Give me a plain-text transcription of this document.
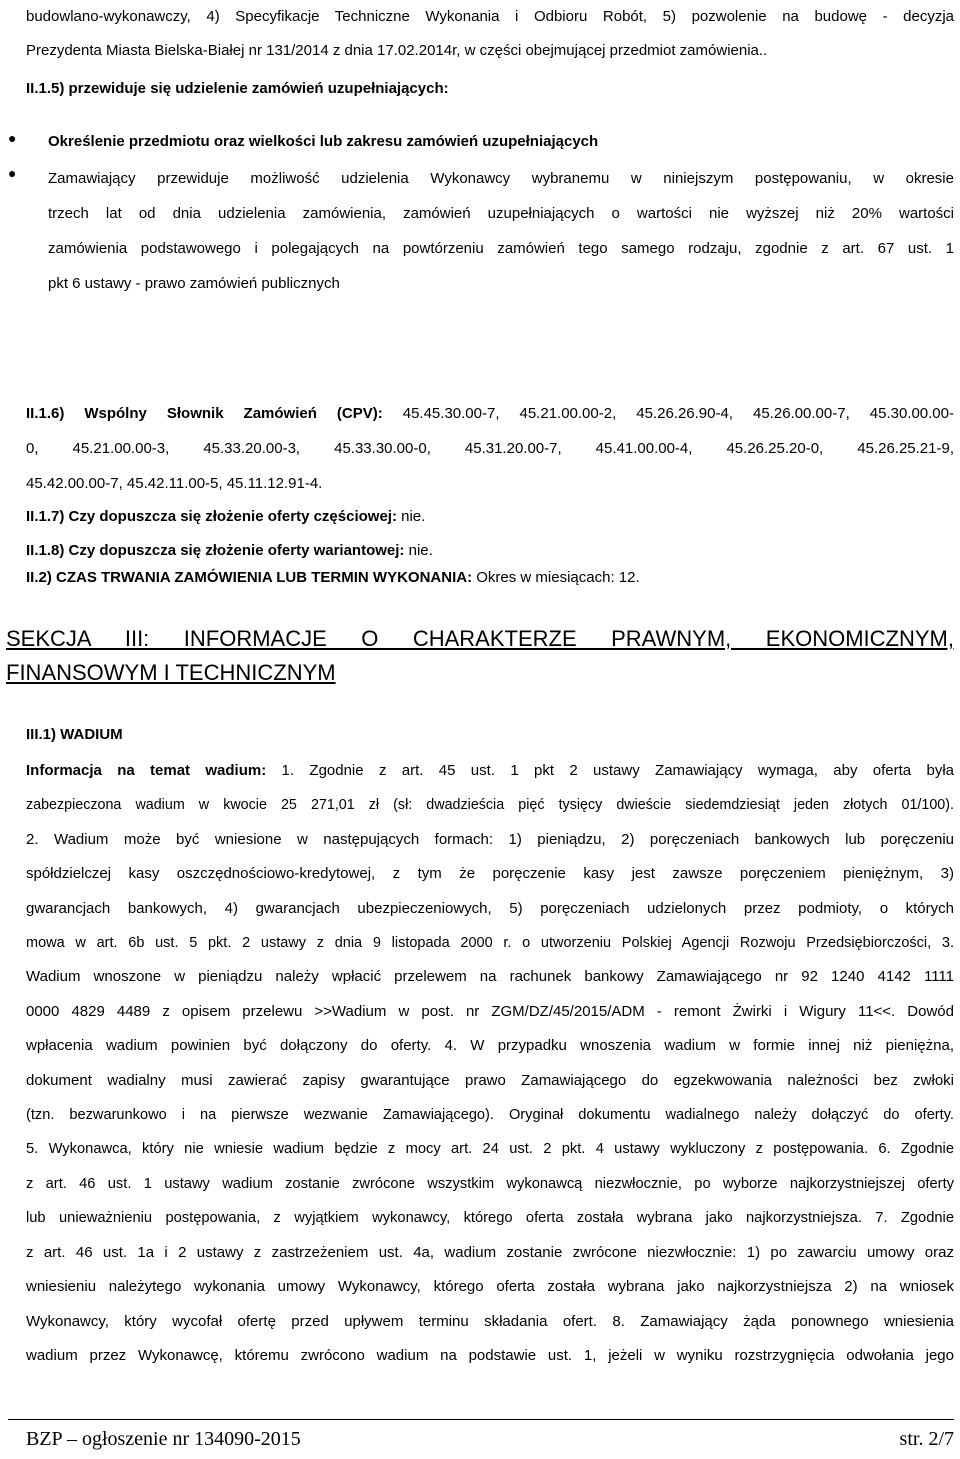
budowlano-wykonawczy, 4) Specyfikacje Techniczne Wykonania i Odbioru Robót, 5) pozwolenie na budowę - decyzja

Prezydenta Miasta Bielska-Białej nr 131/2014 z dnia 17.02.2014r, w części obejmującej przedmiot zamówienia..

II.1.5) przewiduje się udzielenie zamówień uzupełniających:
● Określenie przedmiotu oraz wielkości lub zakresu zamówień uzupełniających
● Zamawiający przewiduje możliwość udzielenia Wykonawcy wybranemu w niniejszym postępowaniu, w okresie

trzech lat od dnia udzielenia zamówienia, zamówień uzupełniających o wartości nie wyższej niż 20% wartości

zamówienia podstawowego i polegających na powtórzeniu zamówień tego samego rodzaju, zgodnie z art. 67 ust. 1

pkt 6 ustawy - prawo zamówień publicznych

II.1.6) Wspólny Słownik Zamówień (CPV): 45.45.30.00-7, 45.21.00.00-2, 45.26.26.90-4, 45.26.00.00-7, 45.30.00.00-

0, 45.21.00.00-3, 45.33.20.00-3, 45.33.30.00-0, 45.31.20.00-7, 45.41.00.00-4, 45.26.25.20-0, 45.26.25.21-9,

45.42.00.00-7, 45.42.11.00-5, 45.11.12.91-4.

II.1.7) Czy dopuszcza się złożenie oferty częściowej: nie.
II.1.8) Czy dopuszcza się złożenie oferty wariantowej: nie.
II.2) CZAS TRWANIA ZAMÓWIENIA LUB TERMIN WYKONANIA: Okres w miesiącach: 12.

SEKCJA III: INFORMACJE O CHARAKTERZE PRAWNYM, EKONOMICZNYM,

FINANSOWYM I TECHNICZNYM

III.1) WADIUM

Informacja na temat wadium: 1. Zgodnie z art. 45 ust. 1 pkt 2 ustawy Zamawiający wymaga, aby oferta była

zabezpieczona wadium w kwocie 25 271,01 zł (sł: dwadzieścia pięć tysięcy dwieście siedemdziesiąt jeden złotych 01/100).

2. Wadium może być wniesione w następujących formach: 1) pieniądzu, 2) poręczeniach bankowych lub poręczeniu

spółdzielczej kasy oszczędnościowo-kredytowej, z tym że poręczenie kasy jest zawsze poręczeniem pieniężnym, 3)

gwarancjach bankowych, 4) gwarancjach ubezpieczeniowych, 5) poręczeniach udzielonych przez podmioty, o których

mowa w art. 6b ust. 5 pkt. 2 ustawy z dnia 9 listopada 2000 r. o utworzeniu Polskiej Agencji Rozwoju Przedsiębiorczości, 3.

Wadium wnoszone w pieniądzu należy wpłacić przelewem na rachunek bankowy Zamawiającego nr 92 1240 4142 1111

0000 4829 4489 z opisem przelewu >>Wadium w post. nr ZGM/DZ/45/2015/ADM - remont Żwirki i Wigury 11<<. Dowód

wpłacenia wadium powinien być dołączony do oferty. 4. W przypadku wnoszenia wadium w formie innej niż pieniężna,

dokument wadialny musi zawierać zapisy gwarantujące prawo Zamawiającego do egzekwowania należności bez zwłoki

(tzn. bezwarunkowo i na pierwsze wezwanie Zamawiającego). Oryginał dokumentu wadialnego należy dołączyć do oferty.

5. Wykonawca, który nie wniesie wadium będzie z mocy art. 24 ust. 2 pkt. 4 ustawy wykluczony z postępowania. 6. Zgodnie

z art. 46 ust. 1 ustawy wadium zostanie zwrócone wszystkim wykonawcą niezwłocznie, po wyborze najkorzystniejszej oferty

lub unieważnieniu postępowania, z wyjątkiem wykonawcy, którego oferta została wybrana jako najkorzystniejsza. 7. Zgodnie

z art. 46 ust. 1a i 2 ustawy z zastrzeżeniem ust. 4a, wadium zostanie zwrócone niezwłocznie: 1) po zawarciu umowy oraz

wniesieniu należytego wykonania umowy Wykonawcy, którego oferta została wybrana jako najkorzystniejsza 2) na wniosek

Wykonawcy, który wycofał ofertę przed upływem terminu składania ofert. 8. Zamawiający żąda ponownego wniesienia

wadium przez Wykonawcę, któremu zwrócono wadium na podstawie ust. 1, jeżeli w wyniku rozstrzygnięcia odwołania jego

BZP – ogłoszenie nr 134090-2015	str. 2/7
